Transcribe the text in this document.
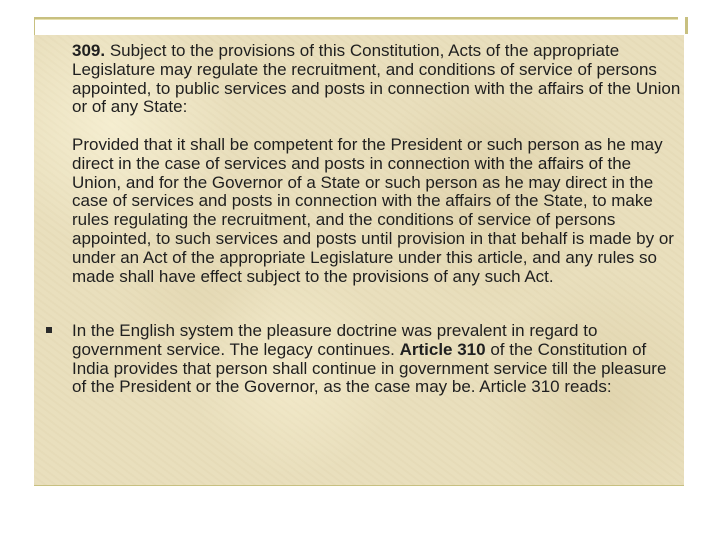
309. Subject to the provisions of this Constitution, Acts of the appropriate Legislature may regulate the recruitment, and conditions of service of persons appointed, to public services and posts in connection with the affairs of the Union or of any State:

Provided that it shall be competent for the President or such person as he may direct in the case of services and posts in connection with the affairs of the Union, and for the Governor of a State or such person as he may direct in the case of services and posts in connection with the affairs of the State, to make rules regulating the recruitment, and the conditions of service of persons appointed, to such services and posts until provision in that behalf is made by or under an Act of the appropriate Legislature under this article, and any rules so made shall have effect subject to the provisions of any such Act.

In the English system the pleasure doctrine was prevalent in regard to government service. The legacy continues. Article 310 of the Constitution of India provides that person shall continue in government service till the pleasure of the President or the Governor, as the case may be. Article 310 reads:
